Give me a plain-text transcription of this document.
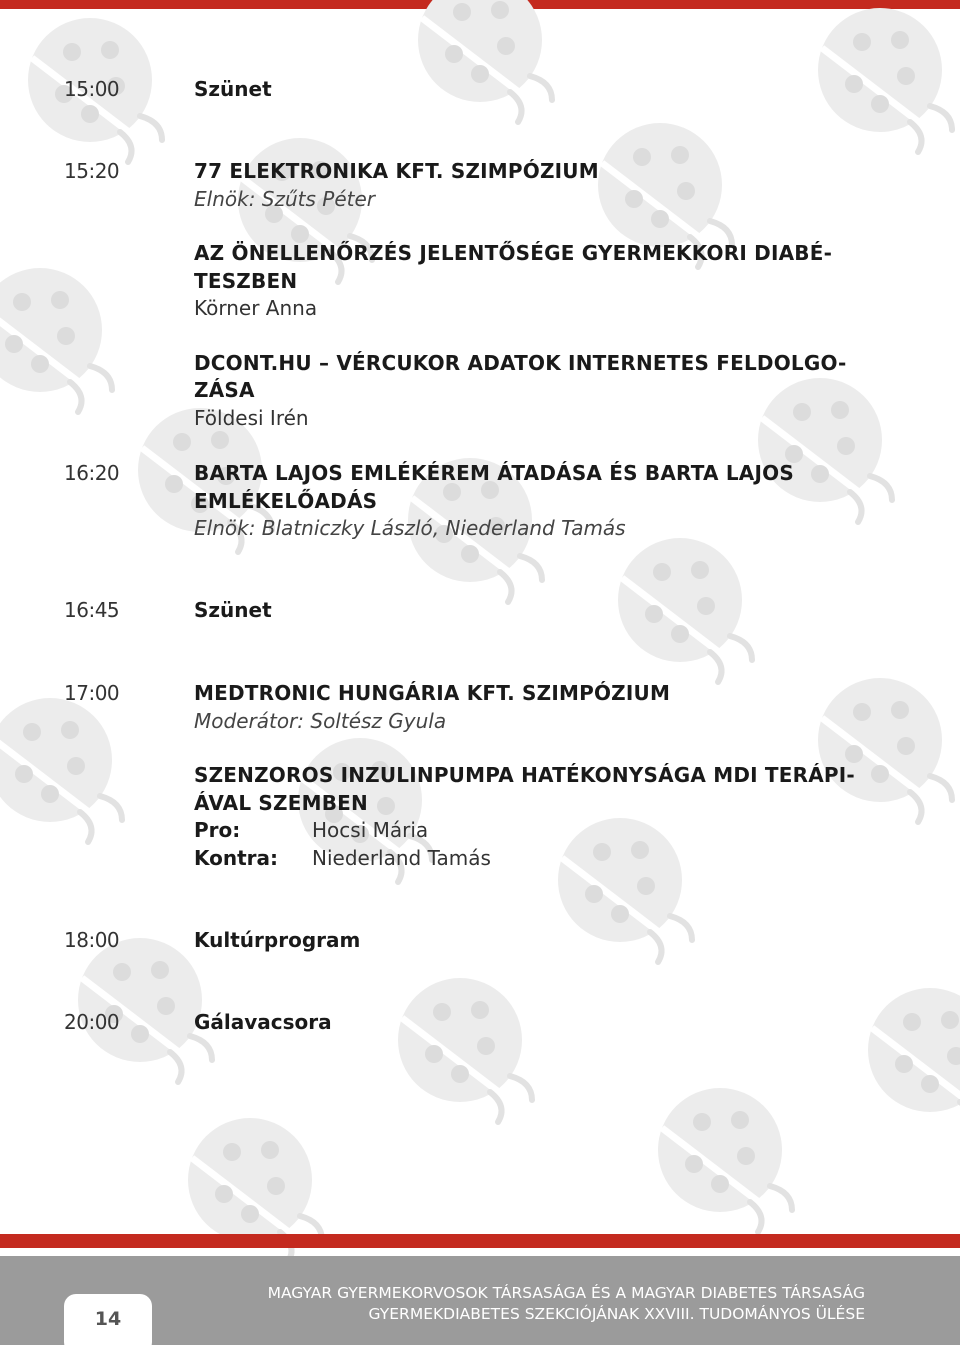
15:00	Szünet
15:20	77 ELEKTRONIKA KFT. SZIMPÓZIUM
Elnök: Szűts Péter
AZ ÖNELLENŐRZÉS JELENTŐSÉGE GYERMEKKORI DIABÉ-
TESZBEN
Körner Anna
DCONT.HU – VÉRCUKOR ADATOK INTERNETES FELDOLGO-
ZÁSA
Földesi Irén
16:20	BARTA LAJOS EMLÉKÉREM ÁTADÁSA ÉS BARTA LAJOS
EMLÉKELŐADÁS
Elnök: Blatniczky László, Niederland Tamás
16:45	Szünet
17:00	MEDTRONIC HUNGÁRIA KFT. SZIMPÓZIUM
Moderátor: Soltész Gyula
SZENZOROS INZULINPUMPA HATÉKONYSÁGA MDI TERÁPI-
ÁVAL SZEMBEN
Pro:	Hocsi Mária
Kontra:	Niederland Tamás
18:00	Kultúrprogram
20:00	Gálavacsora
14
MAGYAR GYERMEKORVOSOK TÁRSASÁGA ÉS A MAGYAR DIABETES TÁRSASÁG
GYERMEKDIABETES SZEKCIÓJÁNAK XXVIII. TUDOMÁNYOS ÜLÉSE
